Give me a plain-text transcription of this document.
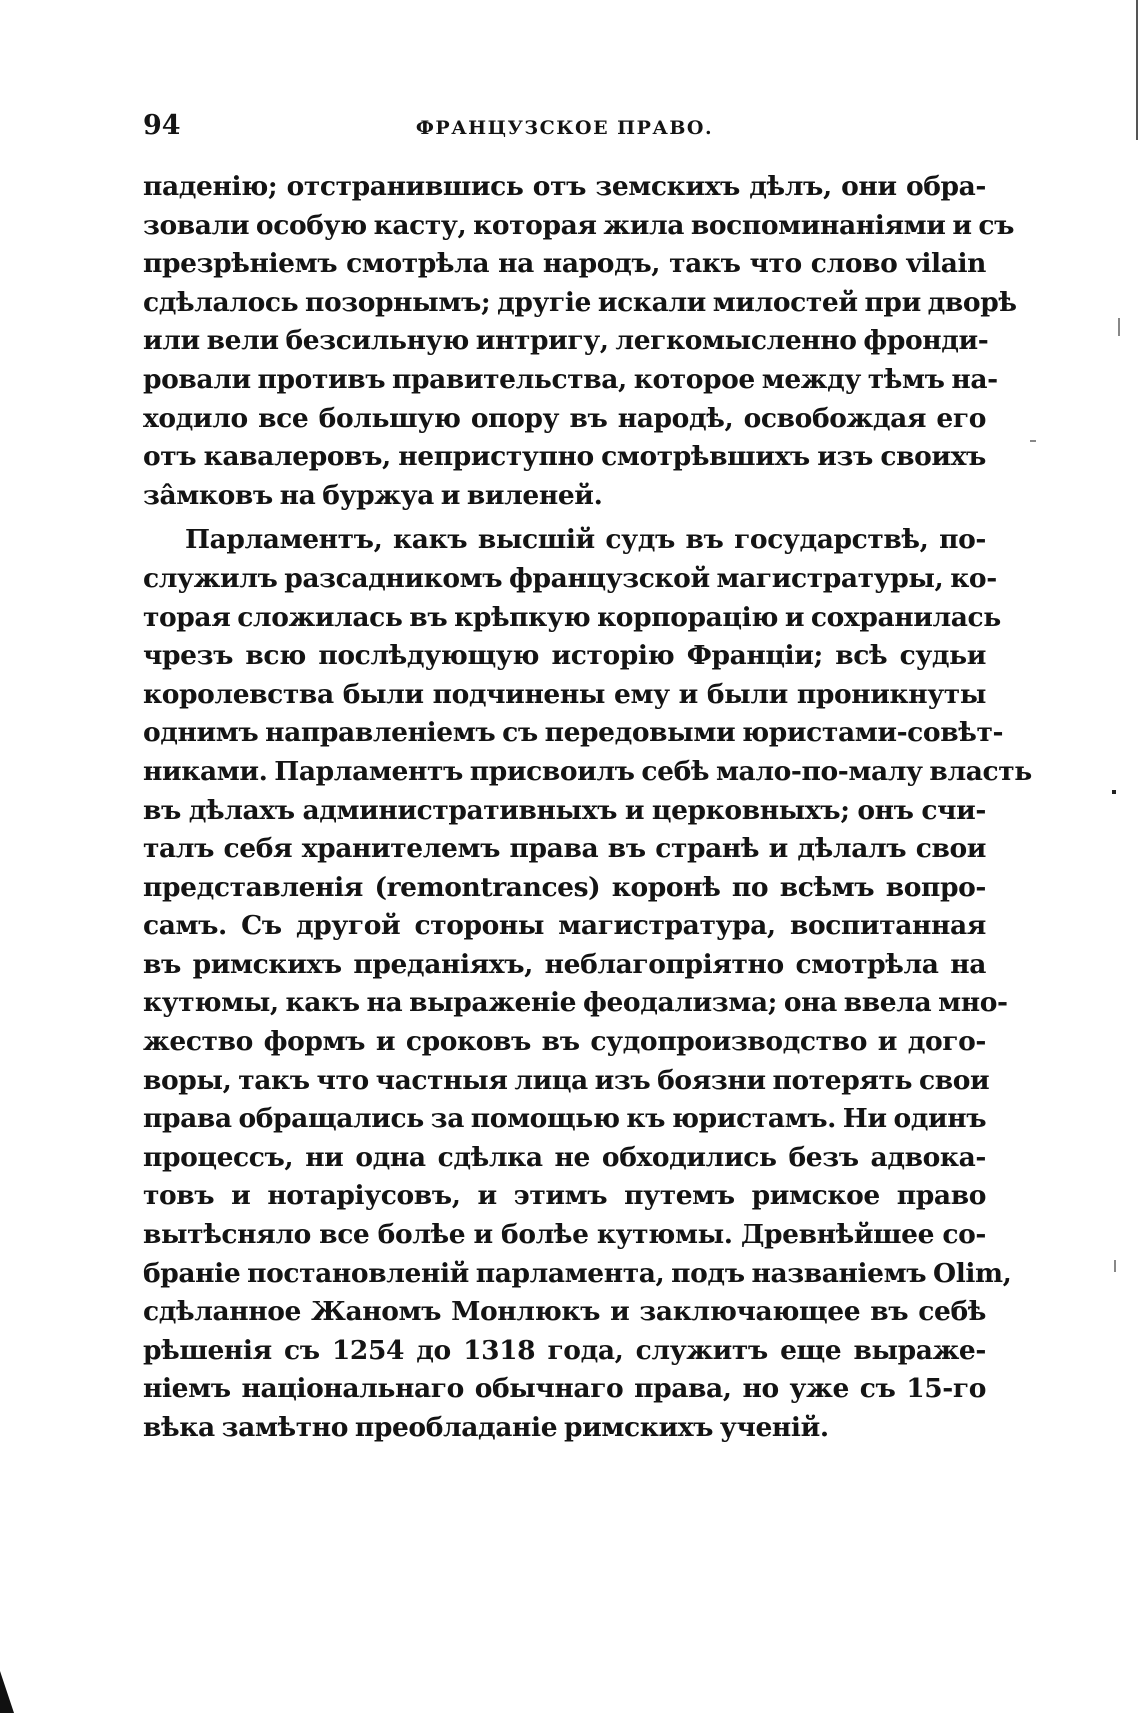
94	ФРАНЦУЗСКОЕ ПРАВО.
паденію; отстранившись отъ земскихъ дѣлъ, они обра-
зовали особую касту, которая жила воспоминаніями и съ
презрѣніемъ смотрѣла на народъ, такъ что слово vilain
сдѣлалось позорнымъ; другіе искали милостей при дворѣ
или вели безсильную интригу, легкомысленно фронди-
ровали противъ правительства, которое между тѣмъ на-
ходило все большую опору въ народѣ, освобождая его
отъ кавалеровъ, неприступно смотрѣвшихъ изъ своихъ
зâмковъ на буржуа и виленей.
Парламентъ, какъ высшій судъ въ государствѣ, по-
служилъ разсадникомъ французской магистратуры, ко-
торая сложилась въ крѣпкую корпорацію и сохранилась
чрезъ всю послѣдующую исторію Франціи; всѣ судьи
королевства были подчинены ему и были проникнуты
однимъ направленіемъ съ передовыми юристами-совѣт-
никами. Парламентъ присвоилъ себѣ мало-по-малу власть
въ дѣлахъ административныхъ и церковныхъ; онъ счи-
талъ себя хранителемъ права въ странѣ и дѣлалъ свои
представленія (remontrances) коронѣ по всѣмъ вопро-
самъ. Съ другой стороны магистратура, воспитанная
въ римскихъ преданіяхъ, неблагопріятно смотрѣла на
кутюмы, какъ на выраженіе феодализма; она ввела мно-
жество формъ и сроковъ въ судопроизводство и дого-
воры, такъ что частныя лица изъ боязни потерять свои
права обращались за помощью къ юристамъ. Ни одинъ
процессъ, ни одна сдѣлка не обходились безъ адвока-
товъ и нотаріусовъ, и этимъ путемъ римское право
вытѣсняло все болѣе и болѣе кутюмы. Древнѣйшее со-
браніе постановленій парламента, подъ названіемъ Olim,
сдѣланное Жаномъ Монлюкъ и заключающее въ себѣ
рѣшенія съ 1254 до 1318 года, служитъ еще выраже-
ніемъ національнаго обычнаго права, но уже съ 15-го
вѣка замѣтно преобладаніе римскихъ ученій.
